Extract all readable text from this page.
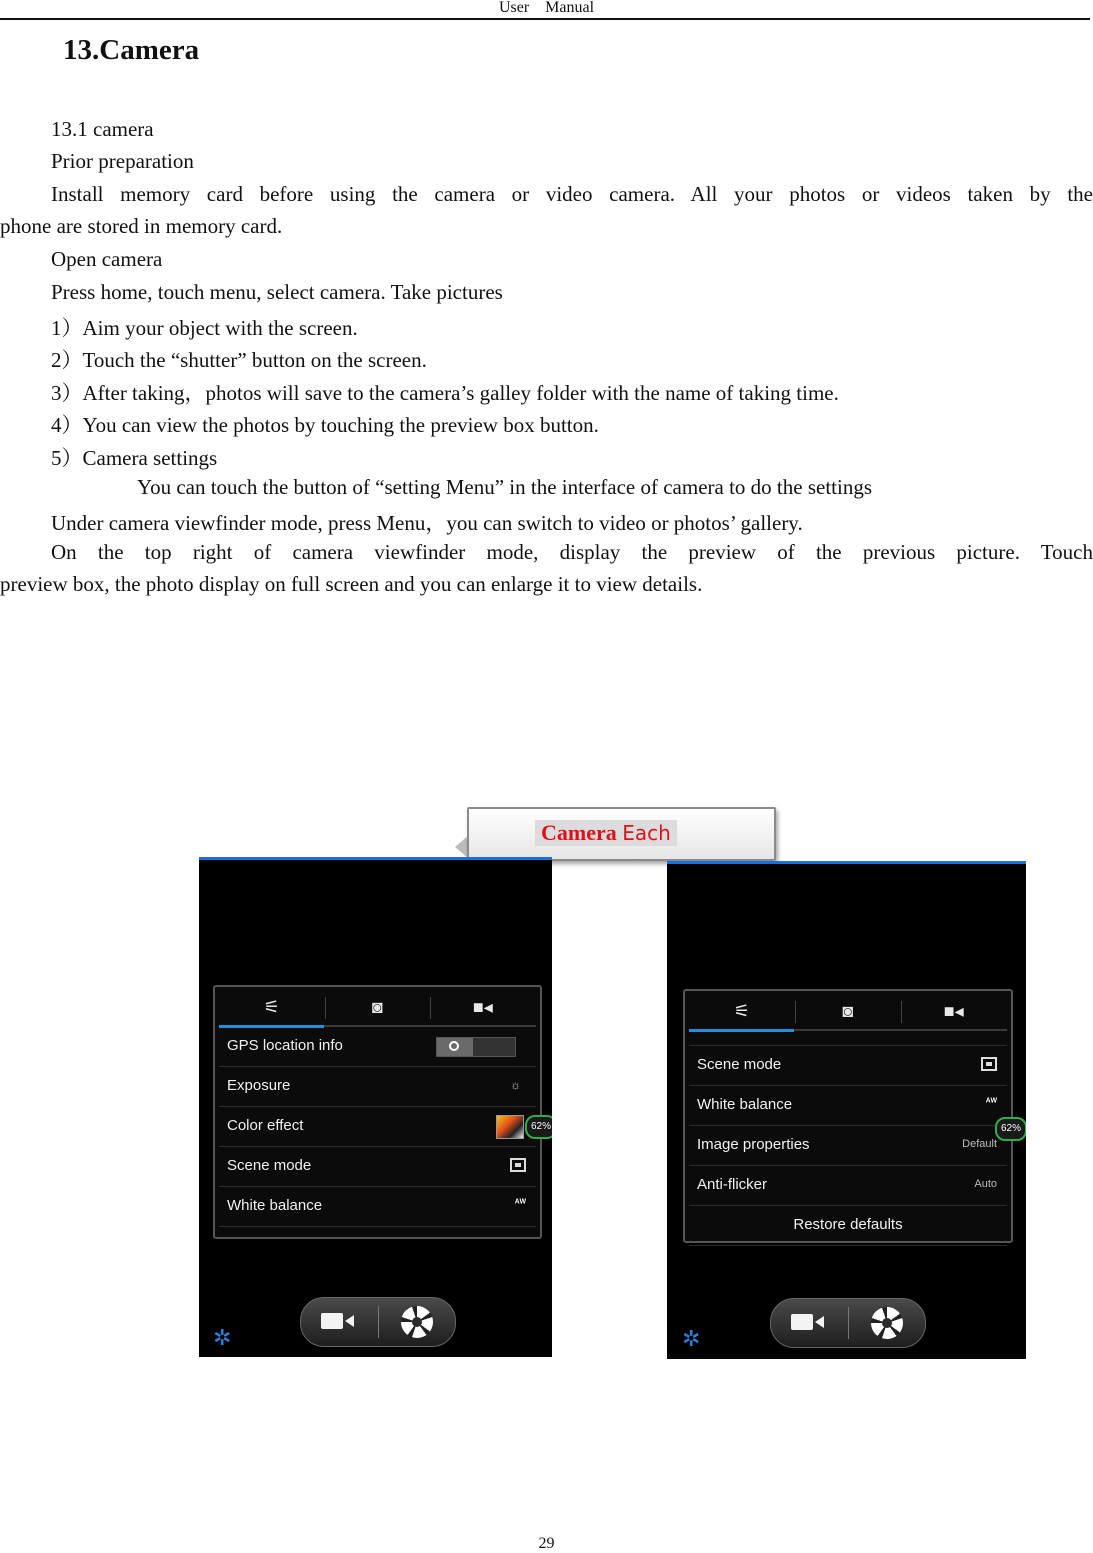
User　Manual
13.Camera
13.1 camera
Prior preparation
Install memory card before using the camera or video camera. All your photos or videos taken by the
phone are stored in memory card.
Open camera
Press home, touch menu, select camera. Take pictures
1）Aim your object with the screen.
2）Touch the “shutter” button on the screen.
3）After taking，photos will save to the camera’s galley folder with the name of taking time.
4）You can view the photos by touching the preview box button.
5）Camera settings
You can touch the button of “setting Menu” in the interface of camera to do the settings
Under camera viewfinder mode, press Menu，you can switch to video or photos’ gallery.
On the top right of camera viewfinder mode, display the preview of the previous picture. Touch
preview box, the photo display on full screen and you can enlarge it to view details.
Camera Each
⚟	◙	■◂
GPS location info
Exposure	☼
Color effect
Scene mode
White balance	ᴬᵂ
62%
✲
⚟	◙	■◂
Scene mode
White balance	ᴬᵂ
Image properties	Default
Anti-flicker	Auto
Restore defaults
62%
✲
29
